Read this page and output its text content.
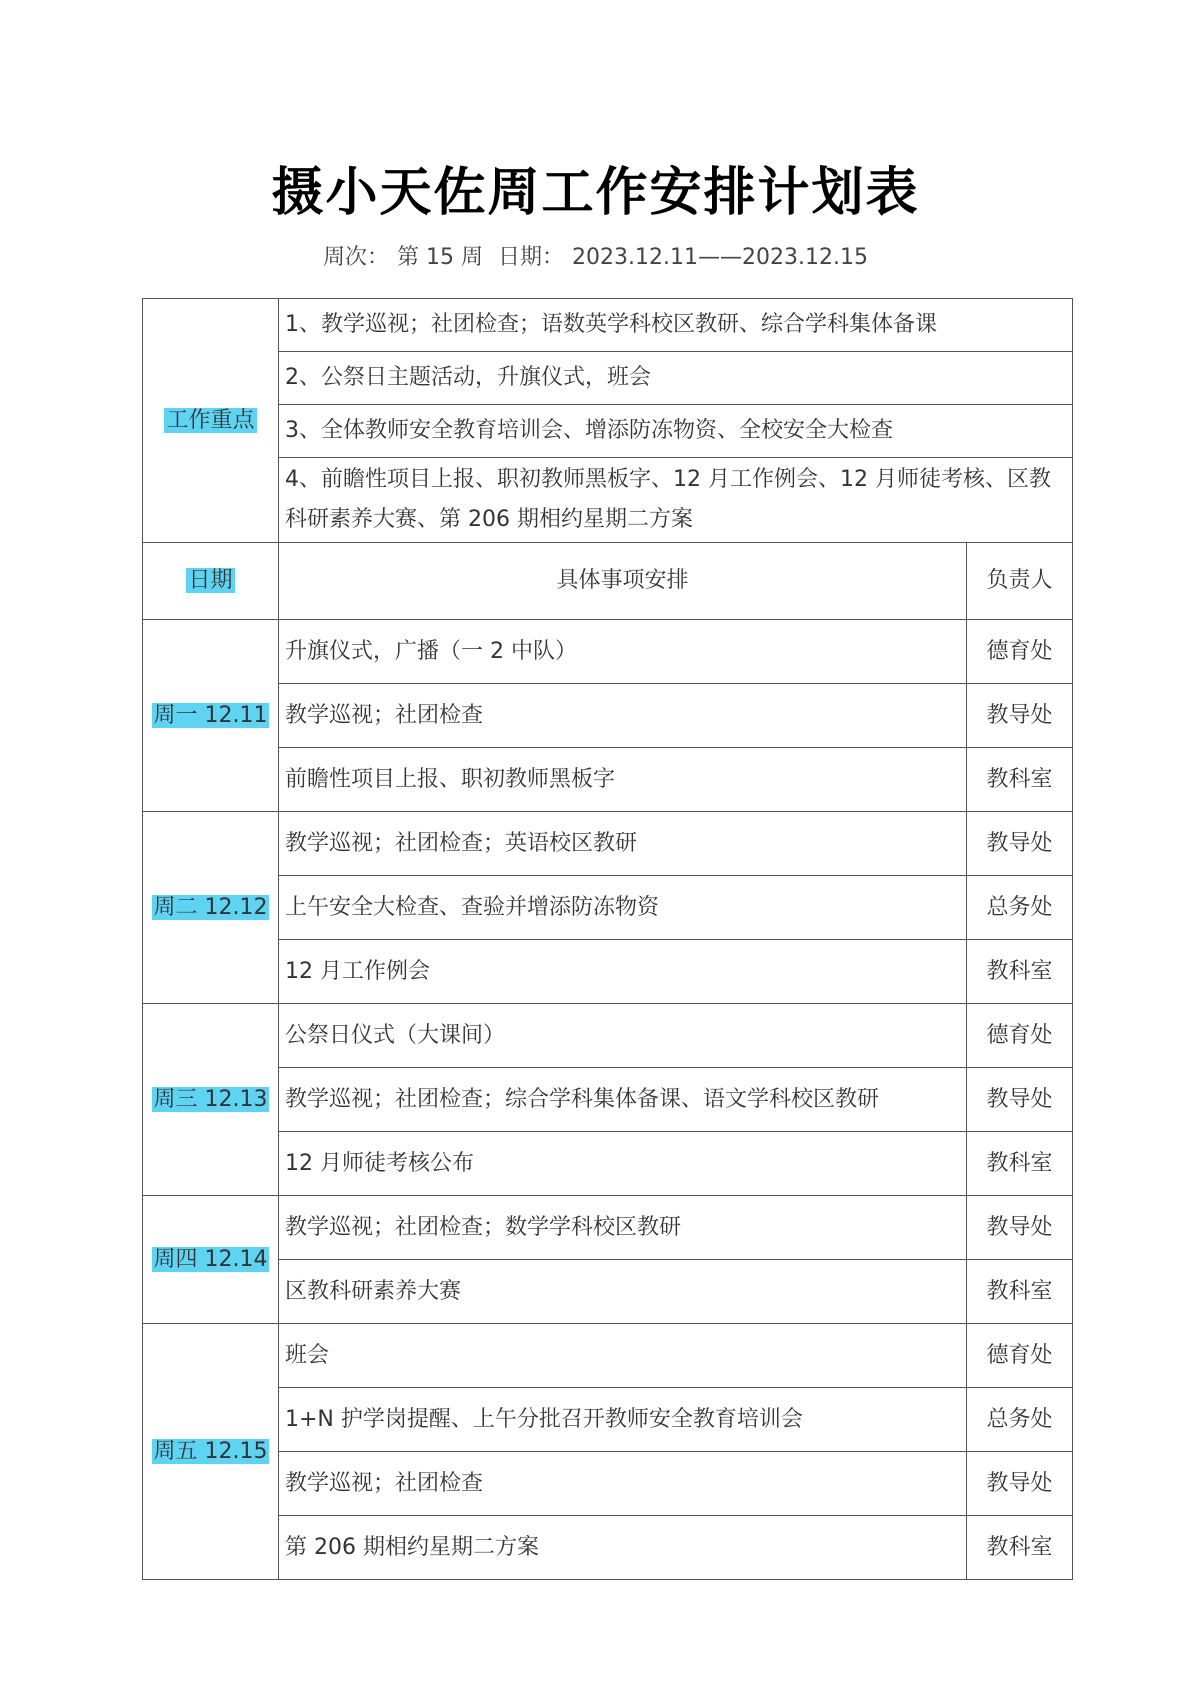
摄小天佐周工作安排计划表
周次： 第 15 周 日期： 2023.12.11——2023.12.15
工作重点	1、教学巡视；社团检查；语数英学科校区教研、综合学科集体备课	
	2、公祭日主题活动，升旗仪式，班会	
	3、全体教师安全教育培训会、增添防冻物资、全校安全大检查	
	4、前瞻性项目上报、职初教师黑板字、12 月工作例会、12 月师徒考核、区教科研素养大赛、第 206 期相约星期二方案	
日期	具体事项安排	负责人
周一 12.11	升旗仪式，广播（一 2 中队）	德育处
	教学巡视；社团检查	教导处
	前瞻性项目上报、职初教师黑板字	教科室
周二 12.12	教学巡视；社团检查；英语校区教研	教导处
	上午安全大检查、查验并增添防冻物资	总务处
	12 月工作例会	教科室
周三 12.13	公祭日仪式（大课间）	德育处
	教学巡视；社团检查；综合学科集体备课、语文学科校区教研	教导处
	12 月师徒考核公布	教科室
周四 12.14	教学巡视；社团检查；数学学科校区教研	教导处
	区教科研素养大赛	教科室
周五 12.15	班会	德育处
	1+N 护学岗提醒、上午分批召开教师安全教育培训会	总务处
	教学巡视；社团检查	教导处
	第 206 期相约星期二方案	教科室
